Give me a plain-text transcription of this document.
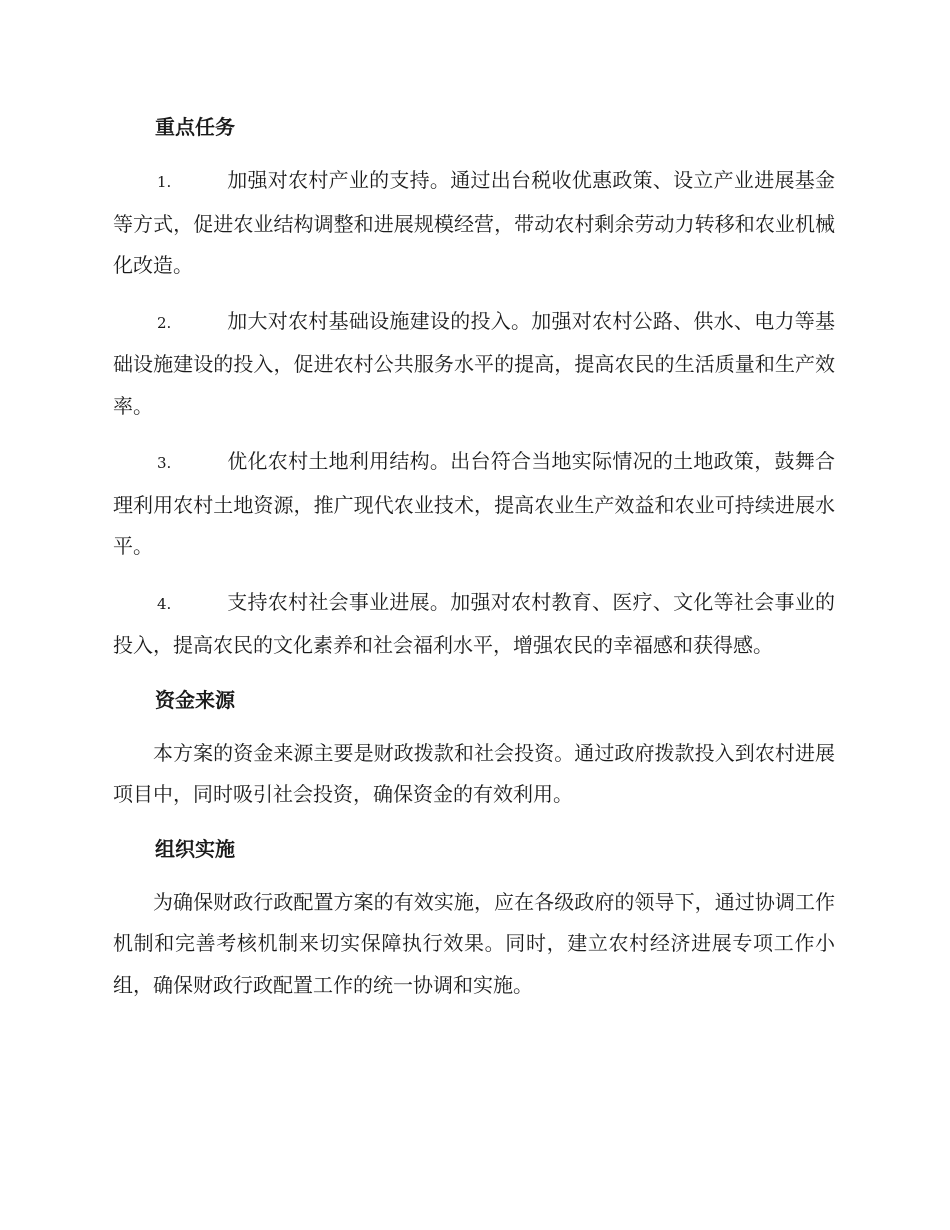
重点任务

1.	加强对农村产业的支持。通过出台税收优惠政策、设立产业进展基金等方式，促进农业结构调整和进展规模经营，带动农村剩余劳动力转移和农业机械化改造。

2.	加大对农村基础设施建设的投入。加强对农村公路、供水、电力等基础设施建设的投入，促进农村公共服务水平的提高，提高农民的生活质量和生产效率。

3.	优化农村土地利用结构。出台符合当地实际情况的土地政策，鼓舞合理利用农村土地资源，推广现代农业技术，提高农业生产效益和农业可持续进展水平。

4.	支持农村社会事业进展。加强对农村教育、医疗、文化等社会事业的投入，提高农民的文化素养和社会福利水平，增强农民的幸福感和获得感。

资金来源

本方案的资金来源主要是财政拨款和社会投资。通过政府拨款投入到农村进展项目中，同时吸引社会投资，确保资金的有效利用。

组织实施

为确保财政行政配置方案的有效实施，应在各级政府的领导下，通过协调工作机制和完善考核机制来切实保障执行效果。同时，建立农村经济进展专项工作小组，确保财政行政配置工作的统一协调和实施。
